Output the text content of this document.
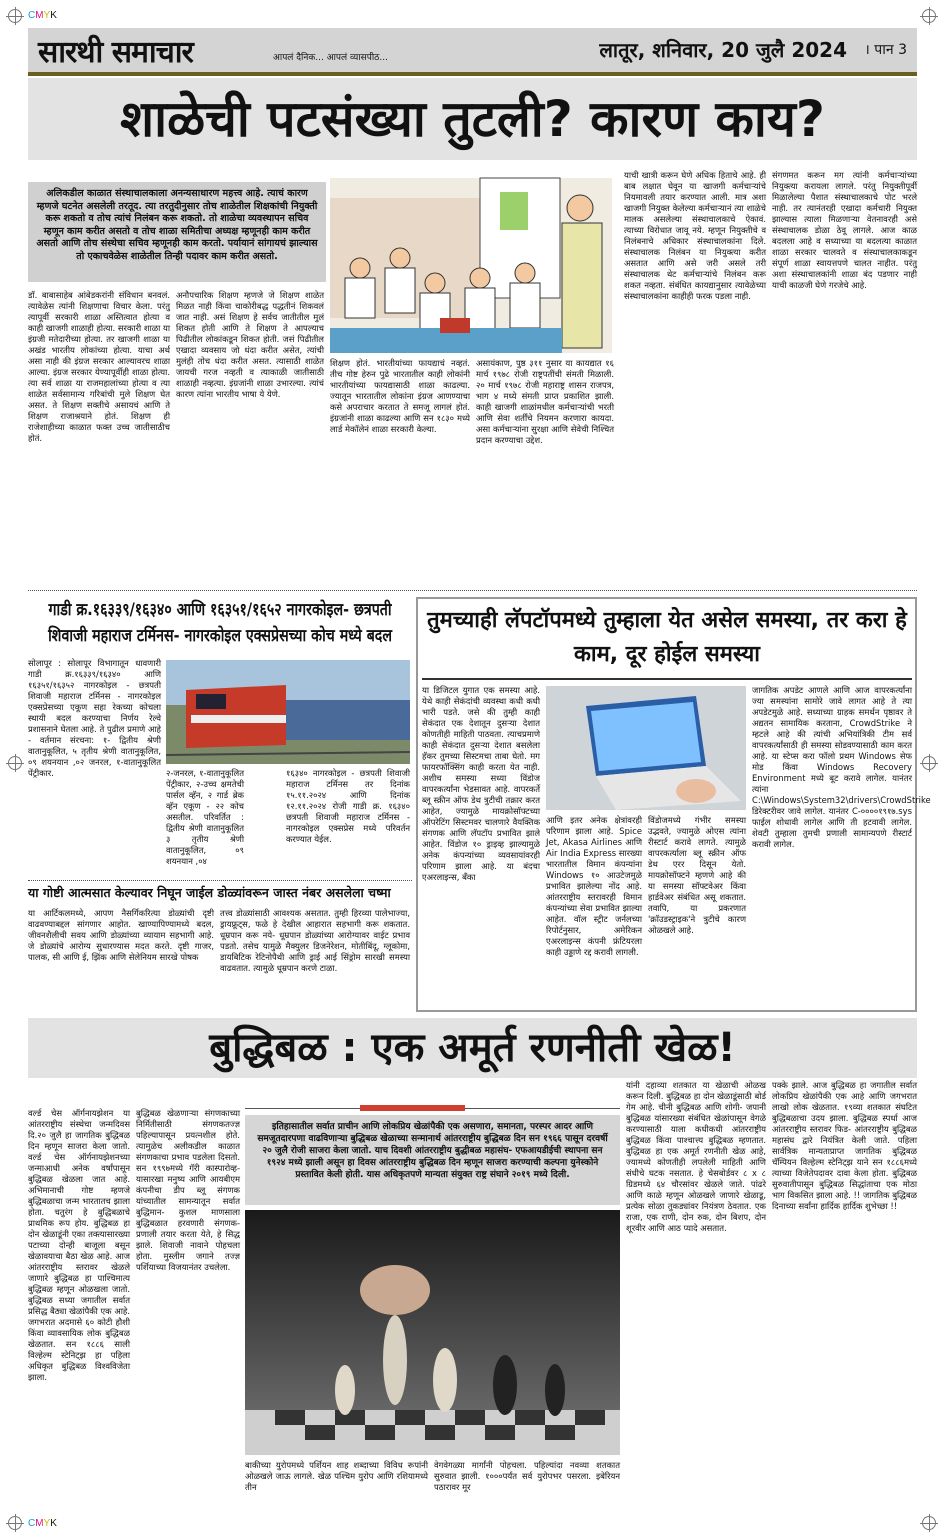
CMYK
सारथी समाचार	आपलं दैनिक... आपलं व्यासपीठ...	लातूर, शनिवार, 20 जुलै 2024 । पान 3
शाळेची पटसंख्या तुटली? कारण काय?
अलिकडील काळात संस्थाचालकाला अनन्यसाधारण महत्त्व आहे. त्याचं कारण म्हणजे घटनेत असलेली तरतूद. त्या तरतुदीनुसार तोच शाळेतील शिक्षकांची नियुक्ती करू शकतो व तोच त्यांचं निलंबन करू शकतो. तो शाळेचा व्यवस्थापन सचिव म्हणून काम करीत असतो व तोच शाळा समितीचा अध्यक्ष म्हणूनही काम करीत असतो आणि तोच संस्थेचा सचिव म्हणूनही काम करतो. पर्यायानं सांगायचं झाल्यास तो एकाचवेळेस शाळेतील तिन्ही पदावर काम करीत असतो.
डॉ. बाबासाहेब आंबेडकरांनी संविधान बनवलं. त्यावेळेस त्यांनी शिक्षणाचा विचार केला. परंतु त्यापूर्वी सरकारी शाळा अस्तित्वात होत्या व काही खाजगी शाळाही होत्या. सरकारी शाळा या इंग्रजी मतेदारीच्या होत्या. तर खाजगी शाळा या अखंड भारतीय लोकांच्या होत्या. याचा अर्थ असा नाही की इंग्रज सरकार आल्यावरच शाळा आल्या. इंग्रज सरकार येण्यापूर्वीही शाळा होत्या. त्या सर्व शाळा या राजमहालांच्या होत्या व त्या शाळेत सर्वसामान्य गरिबांची मुले शिक्षण घेत असत. ते शिक्षण सक्तीचे असायचं आणि ते शिक्षण राजाश्रयाने होतं. शिक्षण ही राजेशाहीच्या काळात फक्त उच्च जातीसाठीच होतं.
अनौपचारिक शिक्षण म्हणजे जे शिक्षण शाळेत मिळत नाही किंवा चाकोरीबद्ध पद्धतीनं शिकवलं जात नाही. असं शिक्षण हे सर्वच जातीतील मुलं शिकत होती आणि ते शिक्षण ते आपल्याच पिढीतील लोकांकडून शिकत होती. जसं पिढीतील एखादा व्यवसाय जो धंदा करीत असेत, त्यांची मुलंही तोच धंदा करीत असत. त्यासाठी शाळेत जायची गरज नव्हती व त्याकाळी जातीसाठी शाळाही नव्हत्या. इंग्रजांनी शाळा उभारल्या. त्यांचं कारण त्यांना भारतीय भाषा ये येणे.
शिक्षण होतं. भारतीयांच्या फायद्याचं नव्हतं. तीच गोष्ट हेरुन पुढे भारतातील काही लोकांनी भारतीयांच्या फायद्यासाठी शाळा काढल्या. ज्यातून भारतातील लोकांना इंग्रज आणण्याचा कसे अपराचार करतात ते समजू लागलं होतं. इंग्रजांनी शाळा काढल्या आणि सन १८३० मध्ये लार्ड मेकॉलेनं शाळा सरकारी केल्या.
असायंकाण, पुष्ठ ३११ नुसार या कायद्यात १६ मार्च १९७८ रोजी राष्ट्रपतींची संमती मिळाली. २० मार्च १९७८ रोजी महाराष्ट्र शासन राजपत्र, भाग ४ मध्ये संमती प्राप्त प्रकाशित झाली. काही खाजगी शाळांमधील कर्मचाऱ्यांची भरती आणि सेवा शर्तींचे नियमन करणारा कायदा. असा कर्मचाऱ्यांना सुरक्षा आणि सेवेची निश्चित प्रदान करण्याचा उद्देश.
याची खात्री करून घेणे अधिक हिताचे आहे. ही बाब लक्षात घेवून या खाजगी कर्मचाऱ्यांचे नियमावली तयार करण्यात आली. मात्र अशा खाजगी नियुक्त केलेल्या कर्मचाऱ्यानं त्या शाळेचे मालक असलेल्या संस्थाचालकाचे ऐकावं. त्याच्या विरोधात जावू नये. म्हणून नियुक्तीचे व निलंबनाचे अधिकार संस्थाचालकांना दिले. संस्थाचालक निलंबन या नियुक्त्या करीत असतात आणि असे जरी असले तरी संस्थाचालक थेट कर्मचाऱ्यांचे निलंबन करू शकत नव्हता. संबंधित कायद्यानुसार त्यावेळेच्या संस्थाचालकांना काहीही फरक पडला नाही.
संगणमत करून मग त्यांनी कर्मचाऱ्यांच्या नियुक्त्या करायला लागले. परंतु नियुक्तीपूर्वी मिळालेल्या पैशात संस्थाचालकाचे पोट भरले नाही. तर त्यानंतरही एखादा कर्मचारी नियुक्त झाल्यास त्याला मिळणाऱ्या वेतनावरही असे संस्थाचालक डोळा ठेवू लागले. आज काळ बदलला आहे व सध्याच्या या बदलत्या काळात शाळा सरकार चालवते व संस्थाचालकाकडून संपूर्ण शाळा स्वायत्तपणे चालत नाहीत. परंतु अशा संस्थाचालकांनी शाळा बंद पडणार नाही याची काळजी घेणे गरजेचे आहे.
गाडी क्र.१६३३९/१६३४० आणि १६३५१/१६५२ नागरकोइल- छत्रपती शिवाजी महाराज टर्मिनस- नागरकोइल एक्सप्रेसच्या कोच मध्ये बदल
सोलापूर : सोलापूर विभागातून धावणारी गाडी क्र.१६३३९/१६३४० आणि १६३५१/१६३५२ नागरकोइल - छत्रपती शिवाजी महाराज टर्मिनस - नागरकोइल एक्सप्रेसच्या एकूण सहा रेकच्या कोचला स्थायी बदल करण्याचा निर्णय रेल्वे प्रशासनाने घेतला आहे. ते पुढील प्रमाणे आहे - वर्तमान संरचना: १- द्वितीय श्रेणी वातानुकूलित, ५ तृतीय श्रेणी वातानुकूलित, ०९ शयनयान ,०२ जनरल, १-वातानुकूलित पेंट्रीकार.	२-जनरल, १-वातानुकूलित पेंट्रीकार, २-उच्च क्षमतेची पार्सल व्हॅन, २ गार्ड ब्रेक व्हॅन एकूण - २२ कोच असतील. परिवर्तित : द्वितीय श्रेणी वातानुकूलित ३ तृतीय श्रेणी वातानुकूलित, ०९ शयनयान ,०४
१६३४० नागरकोइल - छत्रपती शिवाजी महाराज टर्मिनस तर दिनांक १५.११.२०२४ आणि दिनांक १२.११.२०२४ रोजी गाडी क्र. १६३४० छत्रपती शिवाजी महाराज टर्मिनस - नागरकोइल एक्सप्रेस मध्ये परिवर्तन करण्यात येईल.
या गोष्टी आत्मसात केल्यावर निघून जाईल डोळ्यांवरून जास्त नंबर असलेला चष्मा
या आर्टिकलमध्ये, आपण नैसर्गिकरित्या डोळ्यांची दृष्टी वाढवण्याबद्दल सांगणार आहोत. खाण्यापिण्यामध्ये बदल, जीवनशैलीची सवय आणि डोळ्यांच्या व्यायाम सहभागी आहे. जे डोळ्यांचे आरोग्य सुधारण्यास मदत करते. दृष्टी गाजर, पालक, सी आणि ई, झिंक आणि सेलेनियम सारखे पोषक
तत्त्व डोळ्यांसाठी आवश्यक असतात. तुम्ही हिरव्या पालेभाज्या, ड्रायफ्रूट्स, फळे हे देखील आहारात सहभागी करू शकतात. धूम्रपान करू नये- धूम्रपान डोळ्यांच्या आरोग्यावर वाईट प्रभाव पडतो. तसेच यामुळे मैक्युलर डिजनेरेशन, मोतीबिंदू, ग्लूकोमा, डायबिटिक रेटिनोपैथी आणि ड्राई आई सिंड्रोम सारखी समस्या वाढवतात. त्यामुळे धूम्रपान करणे टाळा.
तुमच्याही लॅपटॉपमध्ये तुम्हाला येत असेल समस्या, तर करा हे काम, दूर होईल समस्या
या डिजिटल युगात एक समस्या आहे. येथे काही सेकंदांची व्यवस्था कधी कधी भारी पडते. जसे की तुम्ही काही सेकंदात एक देशातून दुसऱ्या देशात कोणतीही माहिती पाठवता. त्याचप्रमाणे काही सेकंदात दुसऱ्या देशात बसलेला हॅकर तुमच्या सिस्टमचा ताबा घेतो. मग फायरफॉक्सिंग काही करता येत नाही. अशीच समस्या सध्या विंडोज वापरकर्त्यांना भेडसावत आहे. वापरकर्ते ब्लू स्क्रीन ऑफ डेथ त्रुटीची तक्रार करत आहेत, ज्यामुळे मायक्रोसॉफ्टच्या ऑपरेटिंग सिस्टमवर चालणारे वैयक्तिक संगणक आणि लॅपटॉप प्रभावित झाले आहेत. विंडोज १० ड्राइव्ह झाल्यामुळे अनेक कंपन्यांच्या व्यवसायांवरही परिणाम झाला आहे. या बंदचा एअरलाइन्स, बँका
आणि इतर अनेक क्षेत्रांवरही परिणाम झाला आहे. Spice Jet, Akasa Airlines आणि Air India Express सारख्या भारतातील विमान कंपन्यांना Windows १० आउटेजमुळे प्रभावित झालेल्या नोंद आहे. आंतरराष्ट्रीय स्तरावरही विमान कंपन्यांच्या सेवा प्रभावित झाल्या आहेत. वॉल स्ट्रीट जर्नलच्या रिपोर्टनुसार, अमेरिकन एअरलाइन्स कंपनी फ्रंटियरला काही उड्डाणे रद्द करावी लागली.
विंडोजमध्ये गंभीर समस्या उद्भवते, ज्यामुळे ओएस त्यांना रीस्टार्ट करावे लागते. त्यामुळे वापरकर्त्याला ब्लू स्क्रीन ऑफ डेथ एरर दिसून येतो. मायक्रोसॉफ्टने म्हणणे आहे की या समस्या सॉफ्टवेअर किंवा हार्डवेअर संबंधित असू शकतात. तवापि, या प्रकरणात 'क्रॉउडस्ट्राइक'ने त्रुटीचे कारण ओळखले आहे.
जागतिक अपडेट आणले आणि आज वापरकर्त्यांना ज्या समस्यांना सामोरे जावे लागत आहे ते त्या अपडेटमुळे आहे. सध्याच्या ग्राहक समर्थन पृष्ठावर ते अद्यतन सामायिक करताना, CrowdStrike ने म्हटले आहे की त्यांची अभियांत्रिकी टीम सर्व वापरकर्त्यांसाठी ही समस्या सोडवण्यासाठी काम करत आहे. या स्टेप्स करा फॉलो प्रथम Windows सेफ मोड किंवा Windows Recovery Environment मध्ये बूट करावे लागेल. यानंतर त्यांना C:\Windows\System32\drivers\CrowdStrike डिरेक्टरीवर जावे लागेल. यानंतर C-००००१९१७.sys फाईल शोधावी लागेल आणि ती हटवावी लागेल. शेवटी तुम्हाला तुमची प्रणाली सामान्यपणे रीस्टार्ट करावी लागेल.
बुद्धिबळ : एक अमूर्त रणनीती खेळ!
इतिहासातील सर्वात प्राचीन आणि लोकप्रिय खेळांपैकी एक असणारा, समानता, परस्पर आदर आणि समजूतदारपणा वाढविणाऱ्या बुद्धिबळ खेळाच्या सन्मानार्थ आंतरराष्ट्रीय बुद्धिबळ दिन सन १९६६ पासून दरवर्षी २० जुलै रोजी साजरा केला जातो. याच दिवशी आंतरराष्ट्रीय बुद्धीबळ महासंघ- एफआयडीईची स्थापना सन १९२४ मध्ये झाली असून हा दिवस आंतरराष्ट्रीय बुद्धिबळ दिन म्हणून साजरा करण्याची कल्पना युनेस्कोने प्रस्तावित केली होती. यास अधिकृतपणे मान्यता संयुक्त राष्ट्र संघाने २०१९ मध्ये दिली.
वर्ल्ड चेस ऑर्गनायझेशन या आंतरराष्ट्रीय संस्थेचा जन्मदिवस दि.२० जुलै हा जागतिक बुद्धिबळ दिन म्हणून साजरा केला जातो. वर्ल्ड चेस ऑर्गनायझेशनच्या जन्माआधी अनेक वर्षांपासून बुद्धिबळ खेळला जात आहे. अभिमानाची गोष्ट म्हणजे बुद्धिबळाचा जन्म भारतातच झाला होता. चतुरंग हे बुद्धिबळाचे प्राथमिक रूप होय. बुद्धिबळ हा दोन खेळाडूंनी एका तक्त्यासारख्या पटाच्या दोन्ही बाजूला बसून खेळावयाचा बैठा खेळ आहे. आज आंतरराष्ट्रीय स्तरावर खेळले जाणारे बुद्धिबळ हा पाश्चिमात्य बुद्धिबळ म्हणून ओळखला जातो. बुद्धिबळ सध्या जगातील सर्वात प्रसिद्ध बैठ्या खेळांपैकी एक आहे. जगभरात अदमासे ६० कोटी हौशी किंवा व्यावसायिक लोक बुद्धिबळ खेळतात. सन १८८६ साली विल्हेल्म स्टेनिट्झ हा पहिला अधिकृत बुद्धिबळ विश्वविजेता झाला.
बुद्धिबळ खेळणाऱ्या संगणकाच्या निर्मितीसाठी संगणकतज्ज्ञ पहिल्यापासून प्रयत्नशील होते. त्यामुळेच अलीकडील काळात संगणकाचा प्रभाव पडलेला दिसतो. सन १९९७मध्ये गॅरी कास्पारोव्ह-यासारखा मनुष्य आणि आयबीएम कंपनीचा डीप ब्लू संगणक यांच्यातील सामन्यातून सर्वात बुद्धिमान- कुशल माणसाला बुद्धिबळात हरवणारी संगणक-प्रणाली तयार करता येते, हे सिद्ध झाले. शिवाजी नावाने पोहचला होता. मुस्लीम जगाने तज्ज्ञ पर्शियाच्या विजयानंतर उचलेला.
बाकीच्या युरोपमध्ये पर्शियन शाह शब्दाच्या विविध रूपांनी ओळखले जाऊ लागले. खेळ पश्चिम युरोप आणि रशियामध्ये तीन
वेगवेगळ्या मार्गांनी पोहचला. पहिल्यांदा नवव्या शतकात सुरुवात झाली. १०००पर्यंत सर्व युरोपभर पसरला. इबेरियन पठारावर मूर
यांनी दहाव्या शतकात या खेळाची ओळख करून दिली. बुद्धिबळ हा दोन खेळाडूंसाठी बोर्ड गेम आहे. चीनी बुद्धिबळ आणि शोगी- जपानी बुद्धिबळ यांसारख्या संबंधित खेळांपासून वेगळे करण्यासाठी याला कधीकधी आंतरराष्ट्रीय बुद्धिबळ किंवा पाश्चात्त्य बुद्धिबळ म्हणतात. बुद्धिबळ हा एक अमूर्त रणनीती खेळ आहे, ज्यामध्ये कोणतीही लपलेली माहिती आणि संधीचे घटक नसतात. हे चेसबोर्डवर ८ x ८ ग्रिडमध्ये ६४ चौरसांवर खेळले जाते. पांढरे आणि काळे म्हणून ओळखले जाणारे खेळाडू, प्रत्येक सोळा तुकड्यांवर नियंत्रण ठेवतात. एक राजा, एक राणी, दोन रुक, दोन बिशप, दोन शूरवीर आणि आठ प्यादे असतात.
पक्के झाले. आज बुद्धिबळ हा जगातील सर्वात लोकप्रिय खेळांपैकी एक आहे आणि जगभरात लाखो लोक खेळतात. १९व्या शतकात संघटित बुद्धिबळाचा उदय झाला. बुद्धिबळ स्पर्धा आज आंतरराष्ट्रीय स्तरावर फिड- आंतरराष्ट्रीय बुद्धिबळ महासंघ द्वारे नियंत्रित केली जाते. पहिला सार्वत्रिक मान्यताप्राप्त जागतिक बुद्धिबळ चॅम्पियन विल्हेल्म स्टेनिट्झ याने सन १८८६मध्ये त्याच्या विजेतेपदावर दावा केला होता. बुद्धिबळ सुरुवातीपासून बुद्धिबळ सिद्धांताचा एक मोठा भाग विकसित झाला आहे. !! जागतिक बुद्धिबळ दिनाच्या सर्वांना हार्दिक हार्दिक शुभेच्छा !!
CMYK
